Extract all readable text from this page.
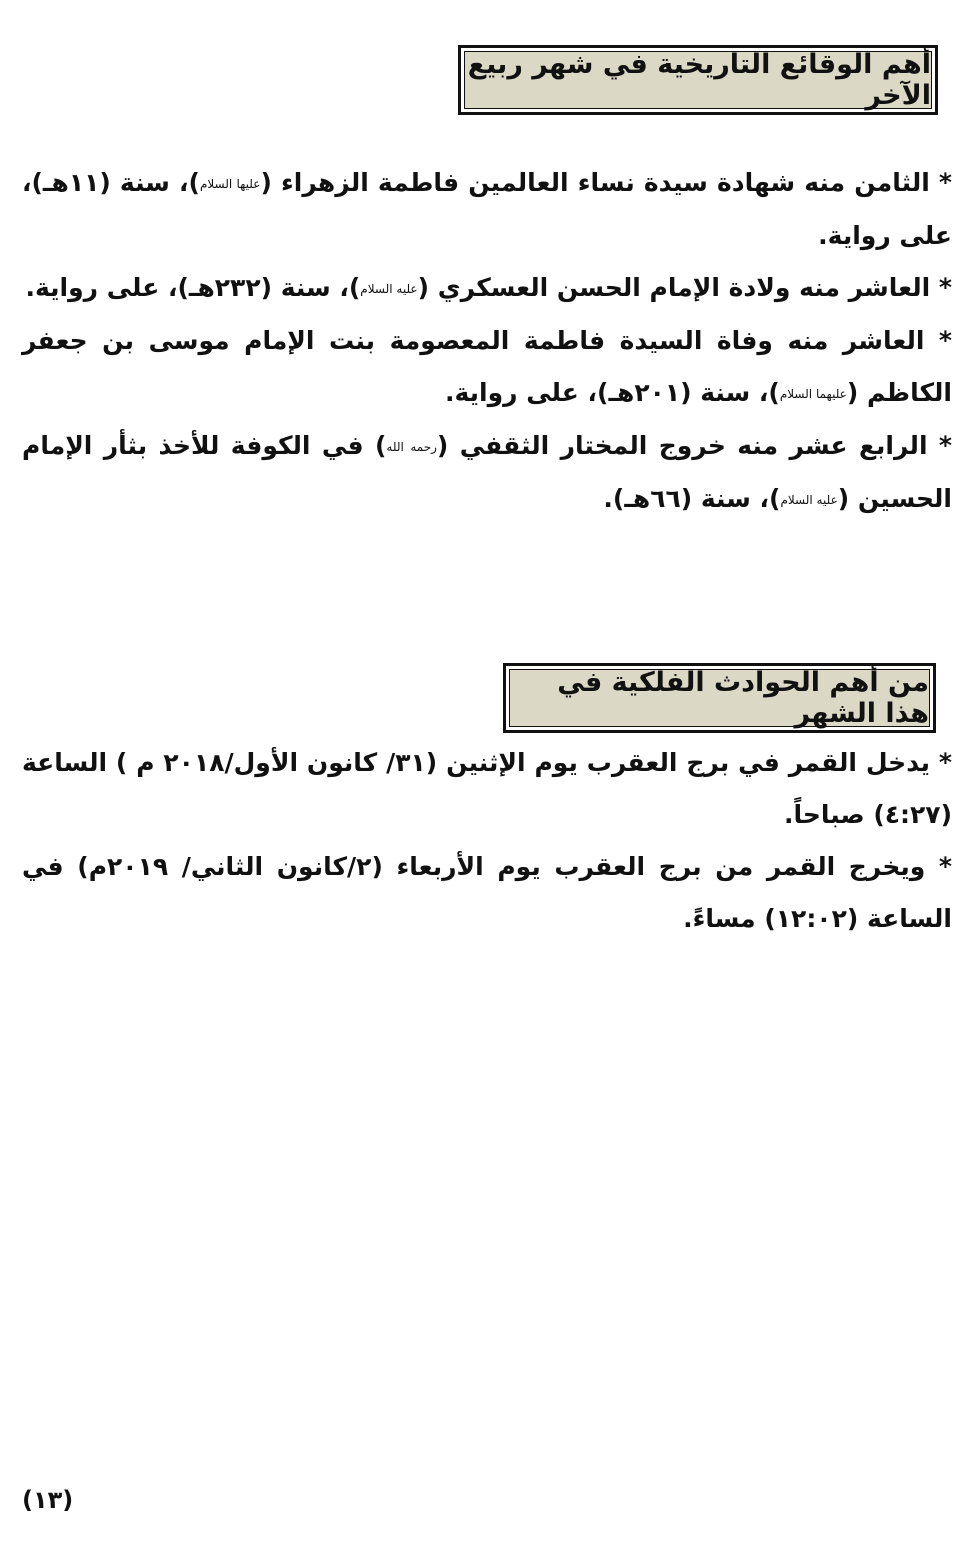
أهم الوقائع التاريخية في شهر ربيع الآخر

* الثامن منه شهادة سيدة نساء العالمين فاطمة الزهراء (عليها السلام)، سنة (١١هـ)، على رواية.

* العاشر منه ولادة الإمام الحسن العسكري (عليه السلام)، سنة (٢٣٢هـ)، على رواية.

* العاشر منه وفاة السيدة فاطمة المعصومة بنت الإمام موسى بن جعفر الكاظم (عليهما السلام)، سنة (٢٠١هـ)، على رواية.

* الرابع عشر منه خروج المختار الثقفي (رحمه الله) في الكوفة للأخذ بثأر الإمام الحسين (عليه السلام)، سنة (٦٦هـ).

من أهم الحوادث الفلكية في هذا الشهر

* يدخل القمر في برج العقرب يوم الإثنين (٣١/ كانون الأول/٢٠١٨ م ) الساعة (٤:٢٧) صباحاً.

* ويخرج القمر من برج العقرب يوم الأربعاء (٢/كانون الثاني/ ٢٠١٩م) في الساعة (١٢:٠٢) مساءً.

(١٣)
